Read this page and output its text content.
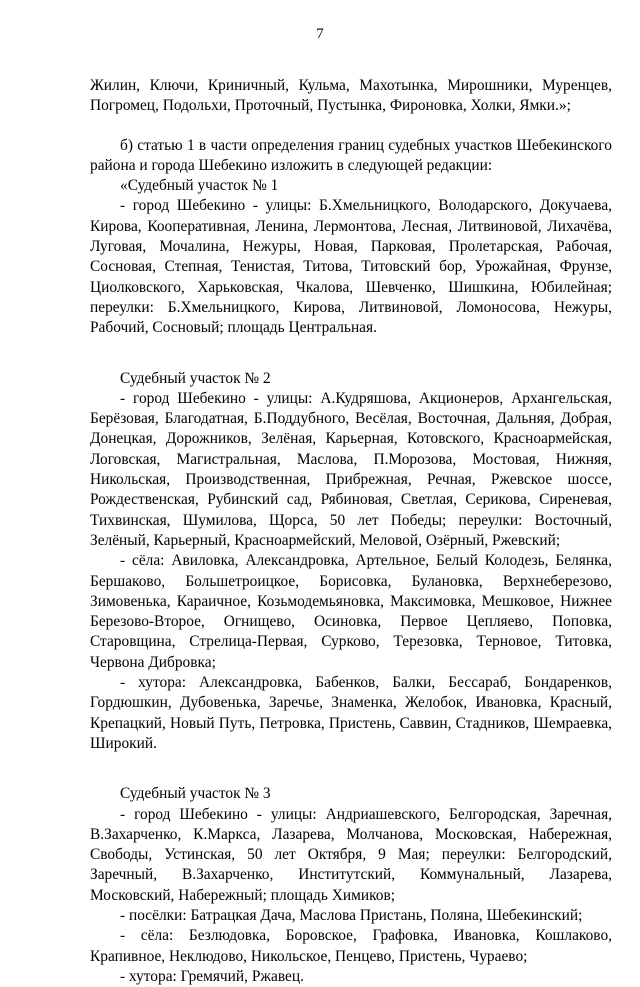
7

Жилин, Ключи, Криничный, Кульма, Махотынка, Мирошники, Муренцев, Погромец, Подольхи, Проточный, Пустынка, Фироновка, Холки, Ямки.»;

б) статью 1 в части определения границ судебных участков Шебекинского района и города Шебекино изложить в следующей редакции:

«Судебный участок № 1

- город Шебекино - улицы: Б.Хмельницкого, Володарского, Докучаева, Кирова, Кооперативная, Ленина, Лермонтова, Лесная, Литвиновой, Лихачёва, Луговая, Мочалина, Нежуры, Новая, Парковая, Пролетарская, Рабочая, Сосновая, Степная, Тенистая, Титова, Титовский бор, Урожайная, Фрунзе, Циолковского, Харьковская, Чкалова, Шевченко, Шишкина, Юбилейная; переулки: Б.Хмельницкого, Кирова, Литвиновой, Ломоносова, Нежуры, Рабочий, Сосновый; площадь Центральная.

Судебный участок № 2

- город Шебекино - улицы: А.Кудряшова, Акционеров, Архангельская, Берёзовая, Благодатная, Б.Поддубного, Весёлая, Восточная, Дальняя, Добрая, Донецкая, Дорожников, Зелёная, Карьерная, Котовского, Красноармейская, Логовская, Магистральная, Маслова, П.Морозова, Мостовая, Нижняя, Никольская, Производственная, Прибрежная, Речная, Ржевское шоссе, Рождественская, Рубинский сад, Рябиновая, Светлая, Серикова, Сиреневая, Тихвинская, Шумилова, Щорса, 50 лет Победы; переулки: Восточный, Зелёный, Карьерный, Красноармейский, Меловой, Озёрный, Ржевский;

- сёла: Авиловка, Александровка, Артельное, Белый Колодезь, Белянка, Бершаково, Большетроицкое, Борисовка, Булановка, Верхнеберезово, Зимовенька, Караичное, Козьмодемьяновка, Максимовка, Мешковое, Нижнее Березово-Второе, Огнищево, Осиновка, Первое Цепляево, Поповка, Старовщина, Стрелица-Первая, Сурково, Терезовка, Терновое, Титовка, Червона Дибровка;

- хутора: Александровка, Бабенков, Балки, Бессараб, Бондаренков, Гордюшкин, Дубовенька, Заречье, Знаменка, Желобок, Ивановка, Красный, Крепацкий, Новый Путь, Петровка, Пристень, Саввин, Стадников, Шемраевка, Широкий.

Судебный участок № 3

- город Шебекино - улицы: Андриашевского, Белгородская, Заречная, В.Захарченко, К.Маркса, Лазарева, Молчанова, Московская, Набережная, Свободы, Устинская, 50 лет Октября, 9 Мая; переулки: Белгородский, Заречный, В.Захарченко, Институтский, Коммунальный, Лазарева, Московский, Набережный; площадь Химиков;

- посёлки: Батрацкая Дача, Маслова Пристань, Поляна, Шебекинский;

- сёла: Безлюдовка, Боровское, Графовка, Ивановка, Кошлаково, Крапивное, Неклюдово, Никольское, Пенцево, Пристень, Чураево;

- хутора: Гремячий, Ржавец.
